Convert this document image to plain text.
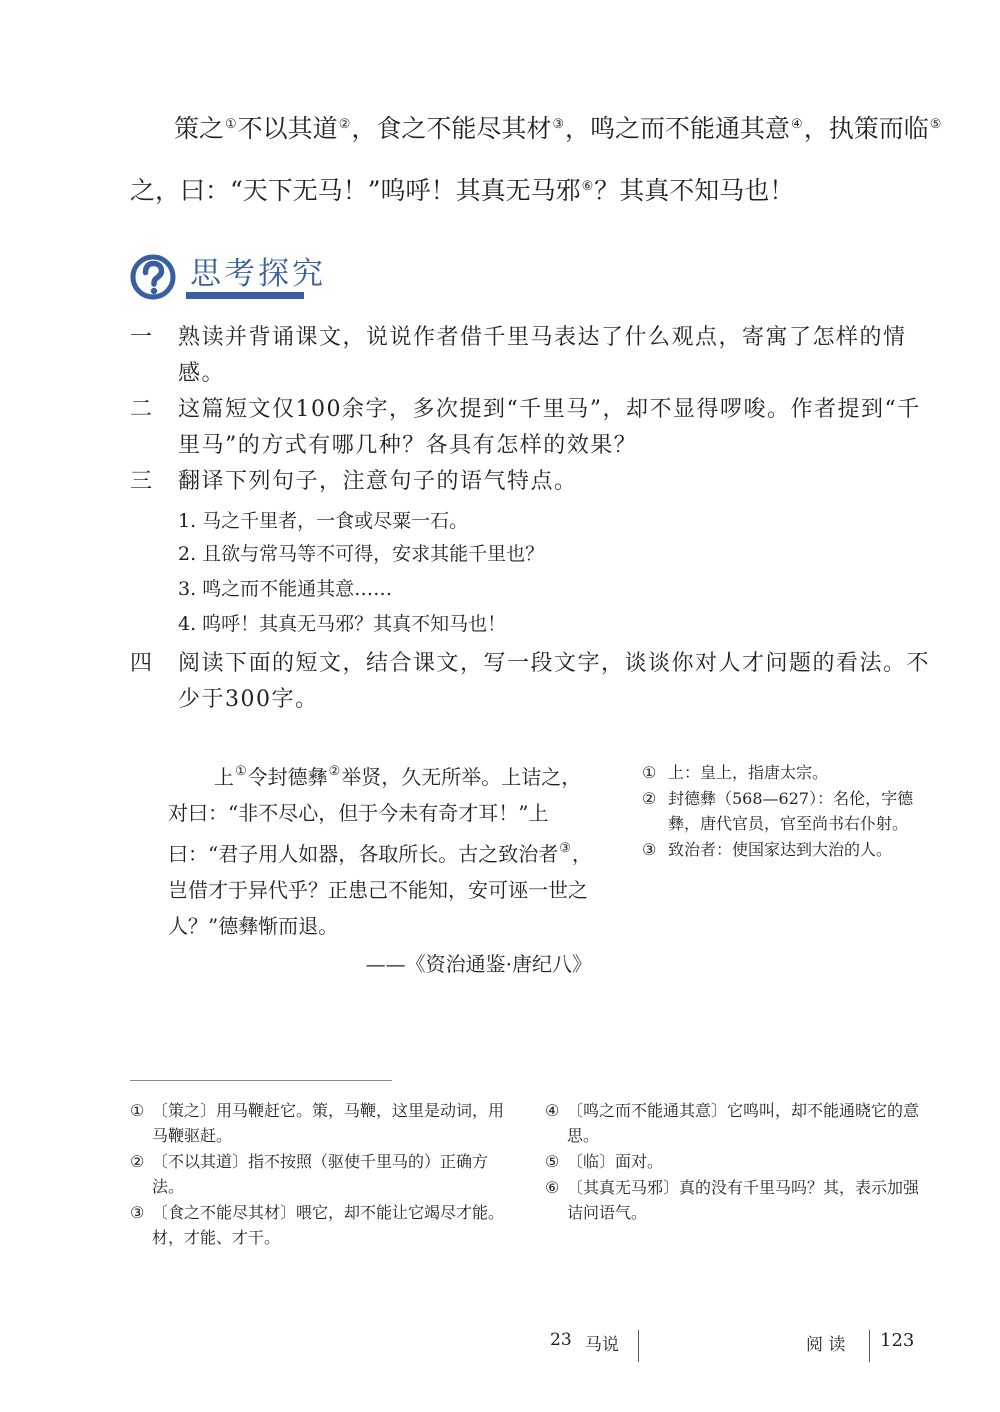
策之①不以其道②，食之不能尽其材③，鸣之而不能通其意④，执策而临⑤
之，曰：“天下无马！”呜呼！其真无马邪⑥？其真不知马也！
思考探究
一 熟读并背诵课文，说说作者借千里马表达了什么观点，寄寓了怎样的情感。
二 这篇短文仅100余字，多次提到“千里马”，却不显得啰唆。作者提到“千里马”的方式有哪几种？各具有怎样的效果？
三 翻译下列句子，注意句子的语气特点。
1. 马之千里者，一食或尽粟一石。
2. 且欲与常马等不可得，安求其能千里也？
3. 鸣之而不能通其意……
4. 呜呼！其真无马邪？其真不知马也！
四 阅读下面的短文，结合课文，写一段文字，谈谈你对人才问题的看法。不少于300字。
上①令封德彝②举贤，久无所举。上诘之，对曰：“非不尽心，但于今未有奇才耳！”上曰：“君子用人如器，各取所长。古之致治者③，岂借才于异代乎？正患己不能知，安可诬一世之人？”德彝惭而退。
——《资治通鉴·唐纪八》
① 上：皇上，指唐太宗。
② 封德彝（568—627）：名伦，字德彝，唐代官员，官至尚书右仆射。
③ 致治者：使国家达到大治的人。
① 〔策之〕用马鞭赶它。策，马鞭，这里是动词，用马鞭驱赶。
② 〔不以其道〕指不按照（驱使千里马的）正确方法。
③ 〔食之不能尽其材〕喂它，却不能让它竭尽才能。材，才能、才干。
④ 〔鸣之而不能通其意〕它鸣叫，却不能通晓它的意思。
⑤ 〔临〕面对。
⑥ 〔其真无马邪〕真的没有千里马吗？其，表示加强诘问语气。
23 马说	阅 读 123
